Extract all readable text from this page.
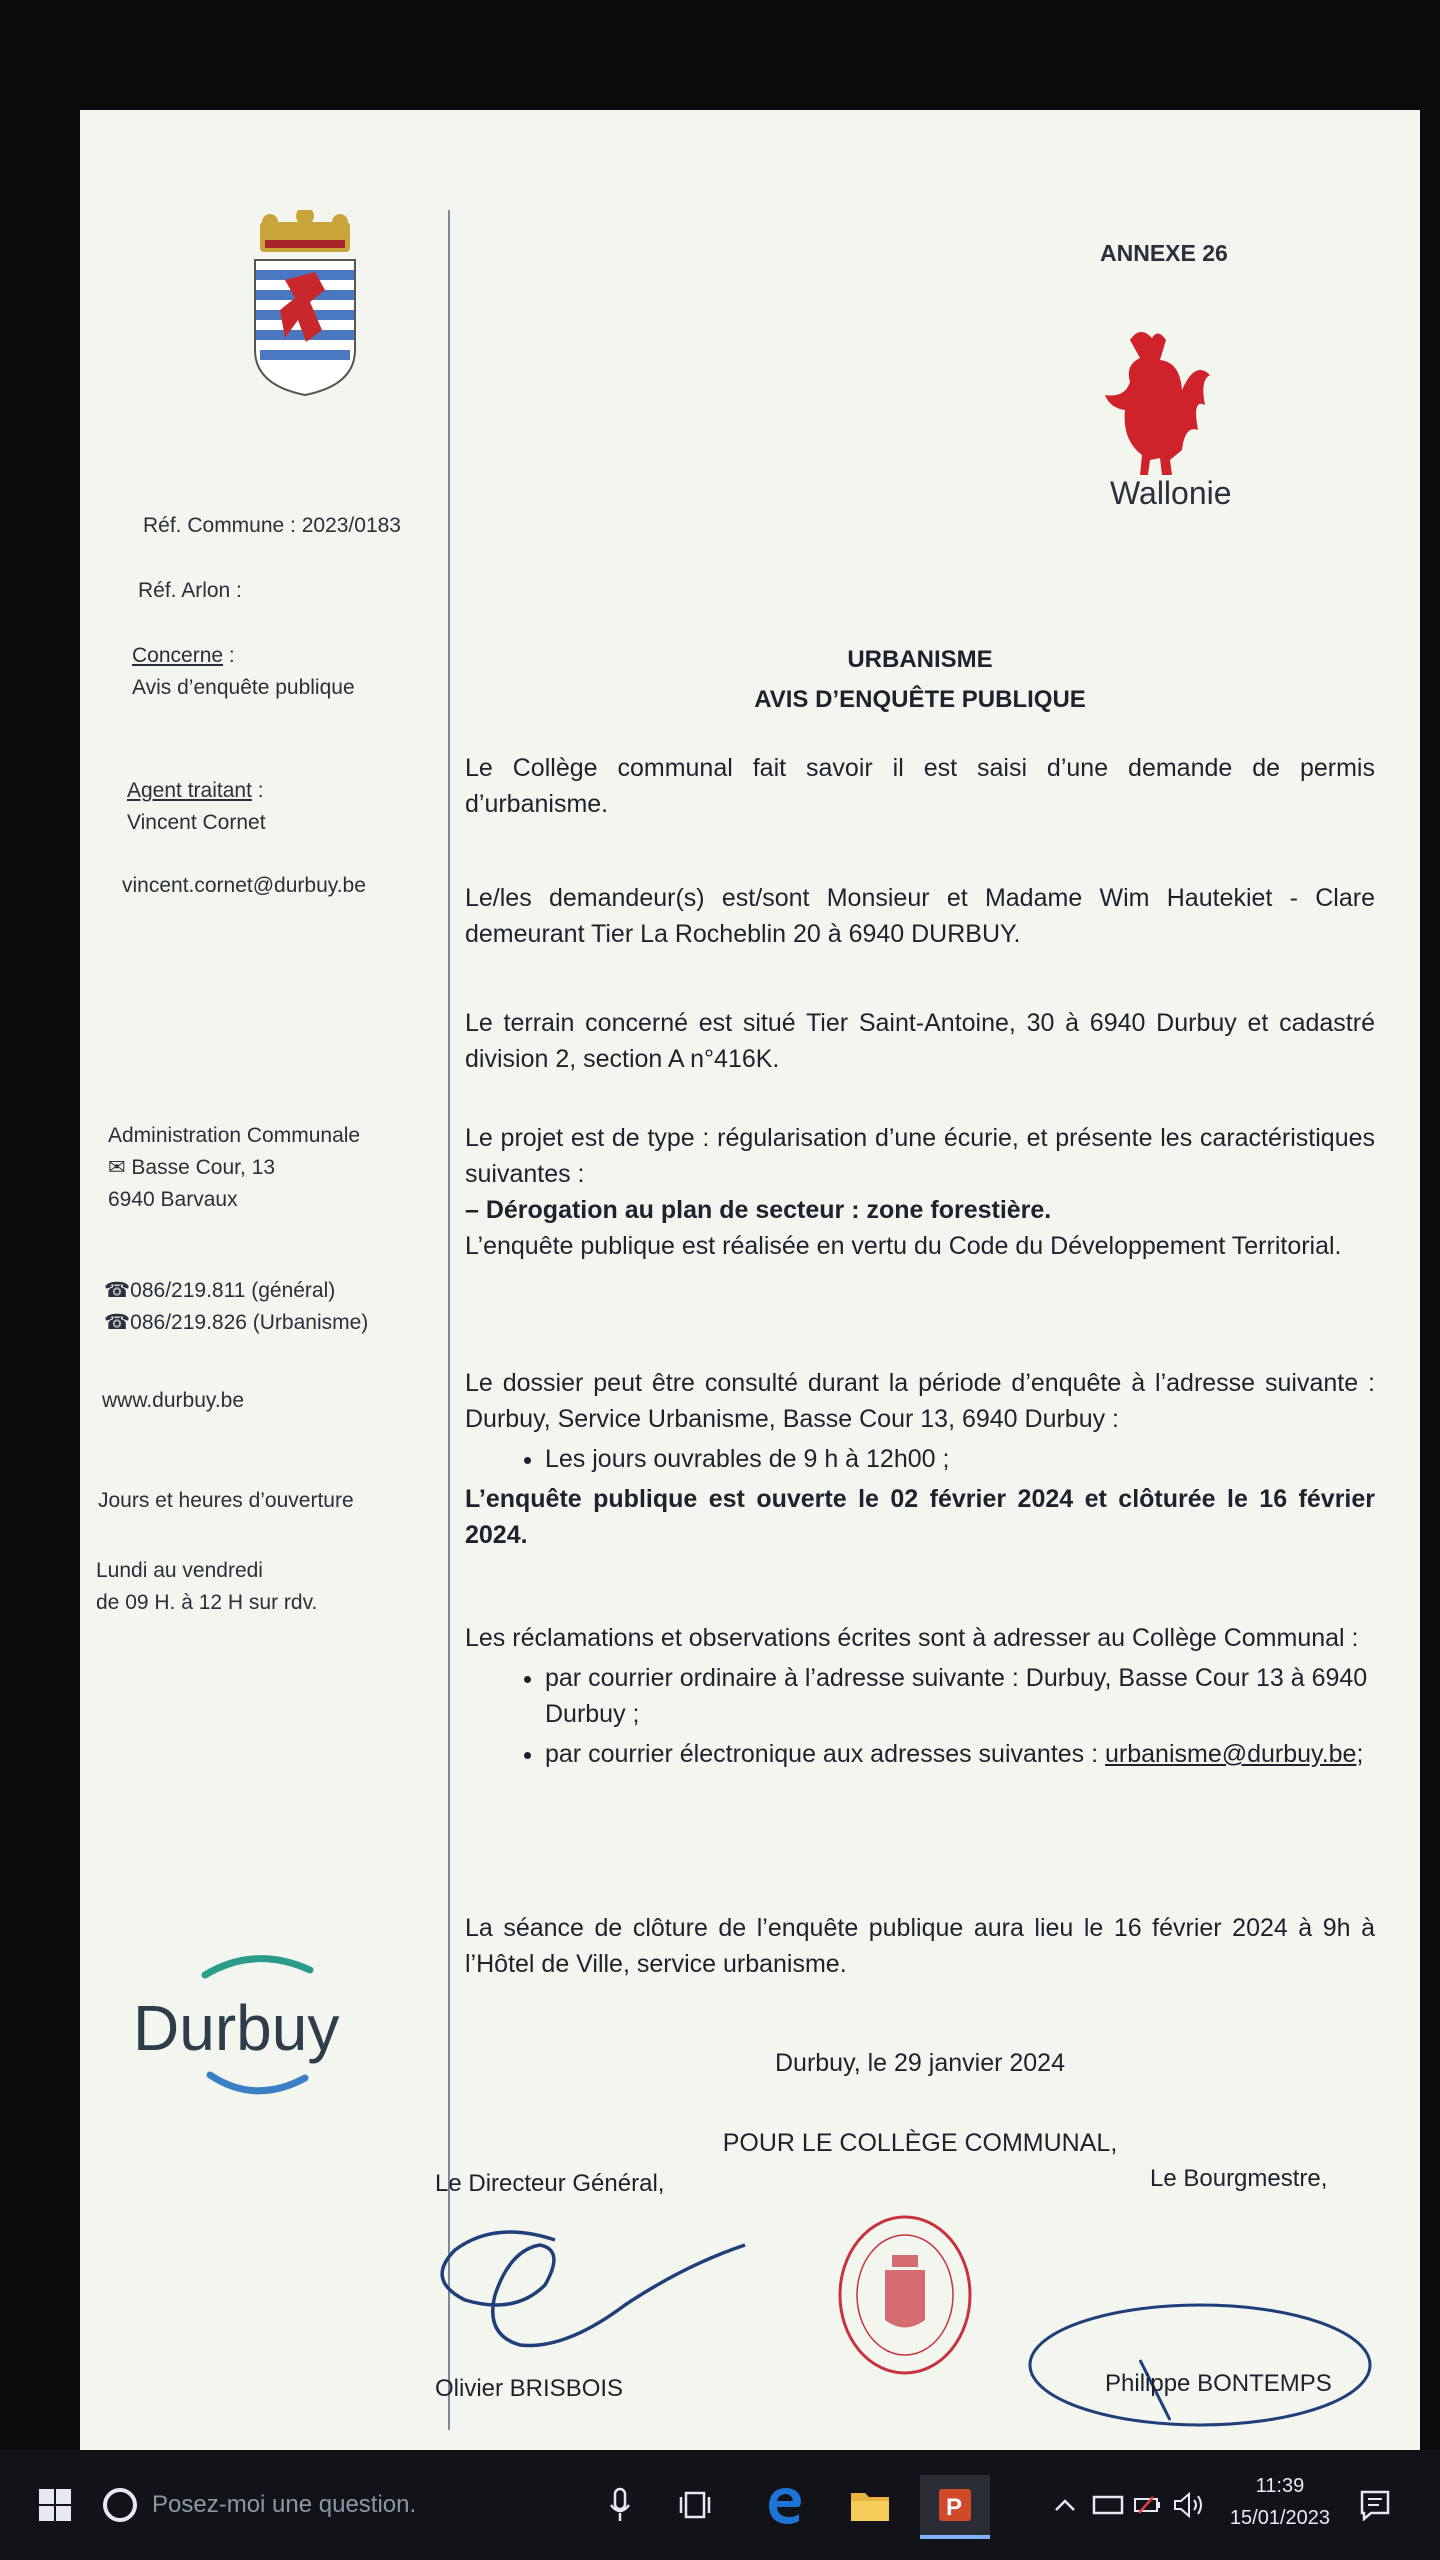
Réf. Commune : 2023/0183
Réf. Arlon :
Concerne :
Avis d’enquête publique
Agent traitant :
Vincent Cornet
vincent.cornet@durbuy.be
Administration Communale
✉ Basse Cour, 13
6940 Barvaux
☎086/219.811 (général)
☎086/219.826 (Urbanisme)
www.durbuy.be
Jours et heures d’ouverture
Lundi au vendredi
de 09 H. à 12 H sur rdv.
Durbuy
ANNEXE 26
Wallonie
URBANISME
AVIS D’ENQUÊTE PUBLIQUE

Le Collège communal fait savoir il est saisi d’une demande de permis d’urbanisme.

Le/les demandeur(s) est/sont Monsieur et Madame Wim Hautekiet - Clare demeurant Tier La Rocheblin 20 à 6940 DURBUY.

Le terrain concerné est situé Tier Saint-Antoine, 30 à 6940 Durbuy et cadastré division 2, section A n°416K.

Le projet est de type : régularisation d’une écurie, et présente les caractéristiques suivantes :

– Dérogation au plan de secteur : zone forestière.

L’enquête publique est réalisée en vertu du Code du Développement Territorial.

Le dossier peut être consulté durant la période d’enquête à l’adresse suivante : Durbuy, Service Urbanisme, Basse Cour 13, 6940 Durbuy :

• Les jours ouvrables de 9 h à 12h00 ;

L’enquête publique est ouverte le 02 février 2024 et clôturée le 16 février 2024.

Les réclamations et observations écrites sont à adresser au Collège Communal :

• par courrier ordinaire à l’adresse suivante : Durbuy, Basse Cour 13 à 6940 Durbuy ;
• par courrier électronique aux adresses suivantes : urbanisme@durbuy.be;

La séance de clôture de l’enquête publique aura lieu le 16 février 2024 à 9h à l’Hôtel de Ville, service urbanisme.

Durbuy, le 29 janvier 2024
POUR LE COLLÈGE COMMUNAL,
Le Directeur Général,	Le Bourgmestre,
Olivier BRISBOIS	Philippe BONTEMPS
Posez-moi une question.	P
11:39
15/01/2023
